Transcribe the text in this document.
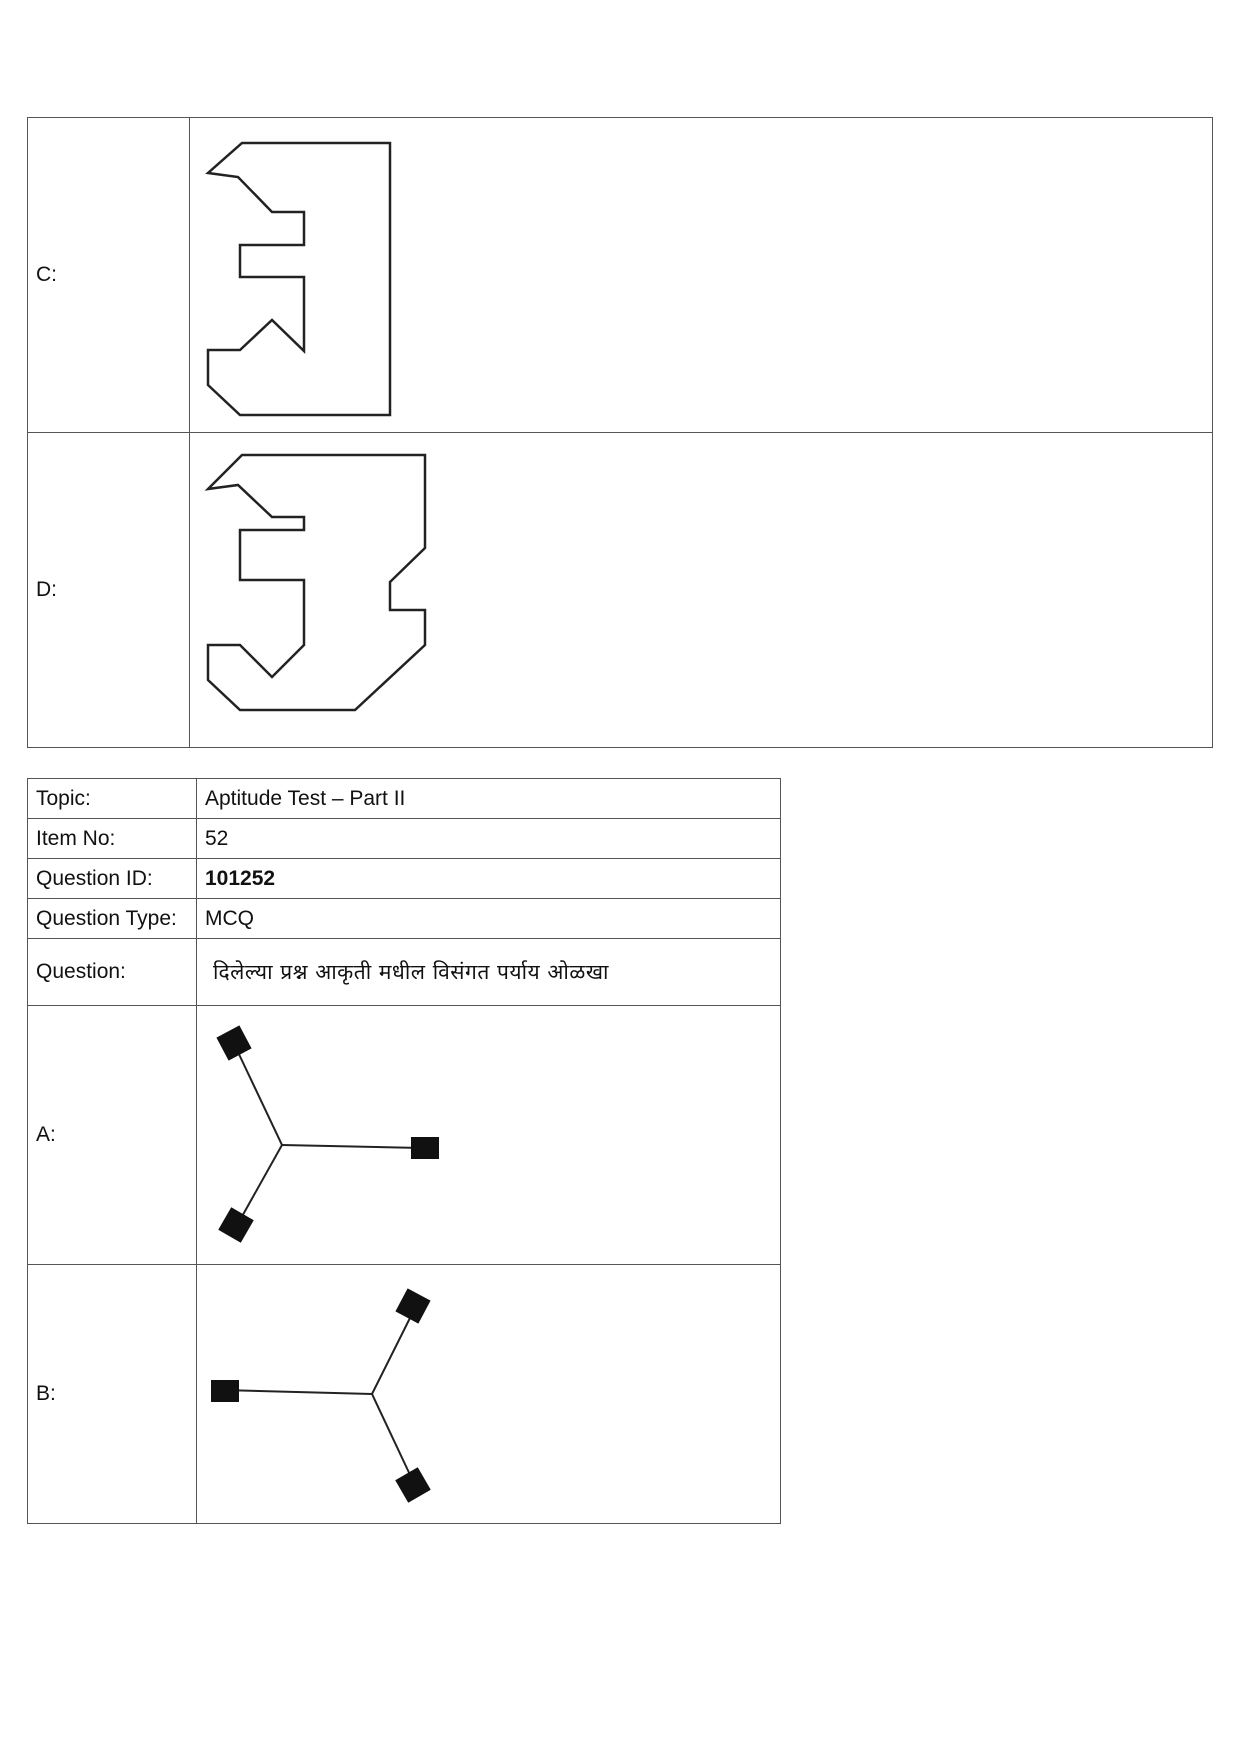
C:	

D:	
Topic:	Aptitude Test – Part II
Item No:	52
Question ID:	101252
Question Type:	MCQ
Question:	दिलेल्या प्रश्न आकृती मधील विसंगत पर्याय ओळखा
A:	

B:	
